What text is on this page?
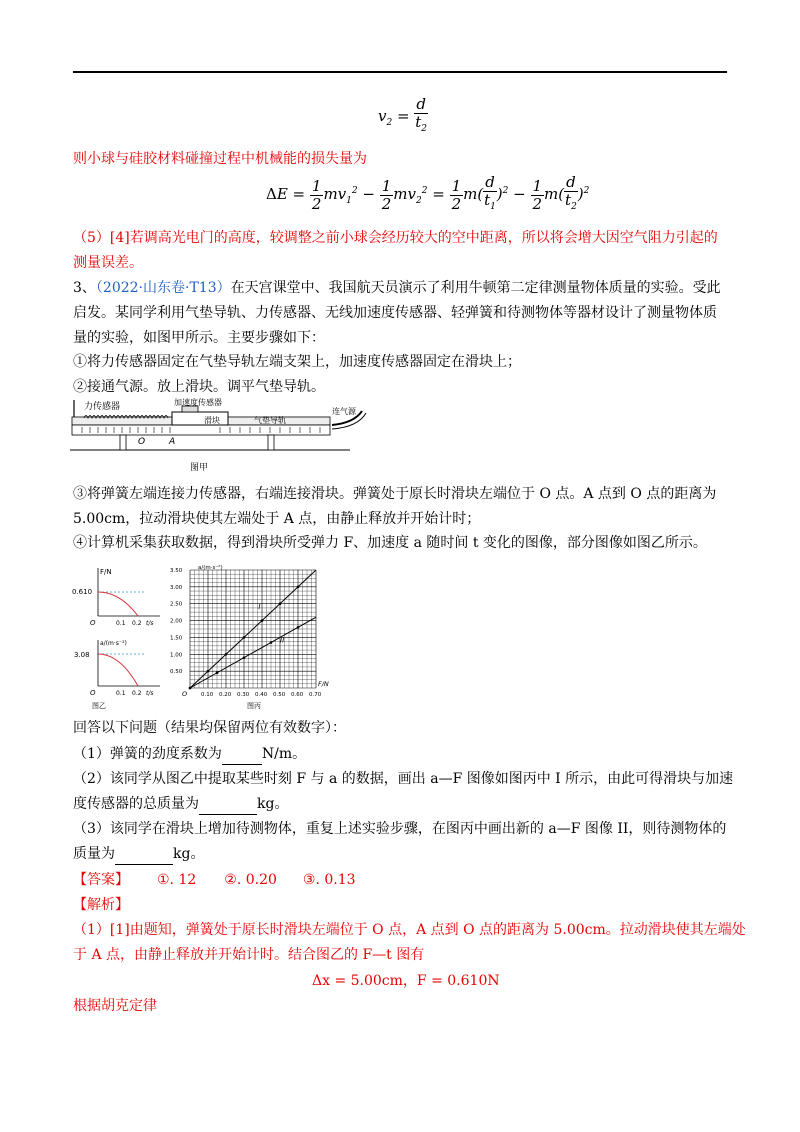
$v_2 = \frac{d}{t_2}$
则小球与硅胶材料碰撞过程中机械能的损失量为
$\Delta E = \frac{1}{2} mv_1^2 - \frac{1}{2} mv_2^2 = \frac{1}{2} m( \frac{d}{t_1} )^2 - \frac{1}{2} m( \frac{d}{t_2} )^2$
（5）[4]若调高光电门的高度，较调整之前小球会经历较大的空中距离，所以将会增大因空气阻力引起的
测量误差。
3、（2022·山东卷·T13）在天宫课堂中、我国航天员演示了利用牛顿第二定律测量物体质量的实验。受此
启发。某同学利用气垫导轨、力传感器、无线加速度传感器、轻弹簧和待测物体等器材设计了测量物体质
量的实验，如图甲所示。主要步骤如下：
①将力传感器固定在气垫导轨左端支架上，加速度传感器固定在滑块上；
②接通气源。放上滑块。调平气垫导轨。
力传感器	加速度传感器
滑块	气垫导轨
连气源
O	A
图甲
③将弹簧左端连接力传感器，右端连接滑块。弹簧处于原长时滑块左端位于 O 点。A 点到 O 点的距离为
5.00cm，拉动滑块使其左端处于 A 点，由静止释放并开始计时；
④计算机采集获取数据，得到滑块所受弹力 F、加速度 a 随时间 t 变化的图像，部分图像如图乙所示。
F/N
0.610
O	0.1 0.2 t/s
a/(m·s⁻²)
3.08
O	0.1 0.2 t/s
图乙
0.10 0.20 0.30 0.40 0.50 0.60 0.70
0.50
1.00
1.50
2.00
2.50
3.00
3.50
O
F/N
a/(m·s⁻²)
图丙
I
II
回答以下问题（结果均保留两位有效数字）：
（1）弹簧的劲度系数为	N/m。
（2）该同学从图乙中提取某些时刻 F 与 a 的数据，画出 a—F 图像如图丙中 I 所示，由此可得滑块与加速
度传感器的总质量为	kg。
（3）该同学在滑块上增加待测物体，重复上述实验步骤，在图丙中画出新的 a—F 图像 II，则待测物体的
质量为	kg。
【答案】 ①. 12 ②. 0.20 ③. 0.13
【解析】
（1）[1]由题知，弹簧处于原长时滑块左端位于 O 点，A 点到 O 点的距离为 5.00cm。拉动滑块使其左端处
于 A 点，由静止释放并开始计时。结合图乙的 F—t 图有
Δx = 5.00cm，F = 0.610N
根据胡克定律
